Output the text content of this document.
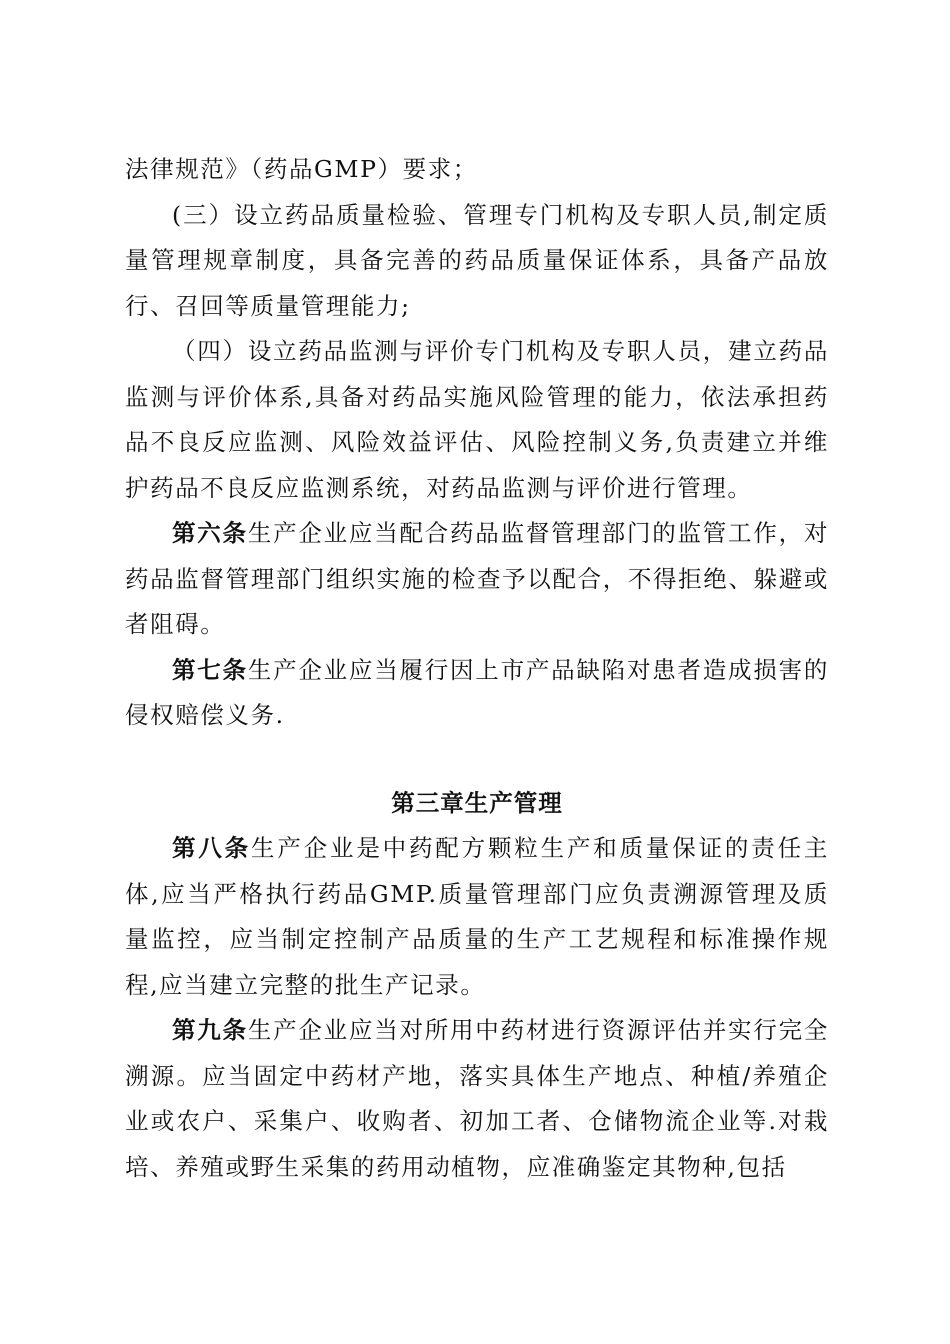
法律规范》（药品GMP）要求；

(三）设立药品质量检验、管理专门机构及专职人员,制定质量管理规章制度，具备完善的药品质量保证体系，具备产品放行、召回等质量管理能力;

（四）设立药品监测与评价专门机构及专职人员，建立药品监测与评价体系,具备对药品实施风险管理的能力，依法承担药品不良反应监测、风险效益评估、风险控制义务,负责建立并维护药品不良反应监测系统，对药品监测与评价进行管理。

第六条生产企业应当配合药品监督管理部门的监管工作，对药品监督管理部门组织实施的检查予以配合，不得拒绝、躲避或者阻碍。

第七条生产企业应当履行因上市产品缺陷对患者造成损害的侵权赔偿义务.

第三章生产管理

第八条生产企业是中药配方颗粒生产和质量保证的责任主体,应当严格执行药品GMP.质量管理部门应负责溯源管理及质量监控，应当制定控制产品质量的生产工艺规程和标准操作规程,应当建立完整的批生产记录。

第九条生产企业应当对所用中药材进行资源评估并实行完全溯源。应当固定中药材产地，落实具体生产地点、种植/养殖企业或农户、采集户、收购者、初加工者、仓储物流企业等.对栽培、养殖或野生采集的药用动植物，应准确鉴定其物种,包括
